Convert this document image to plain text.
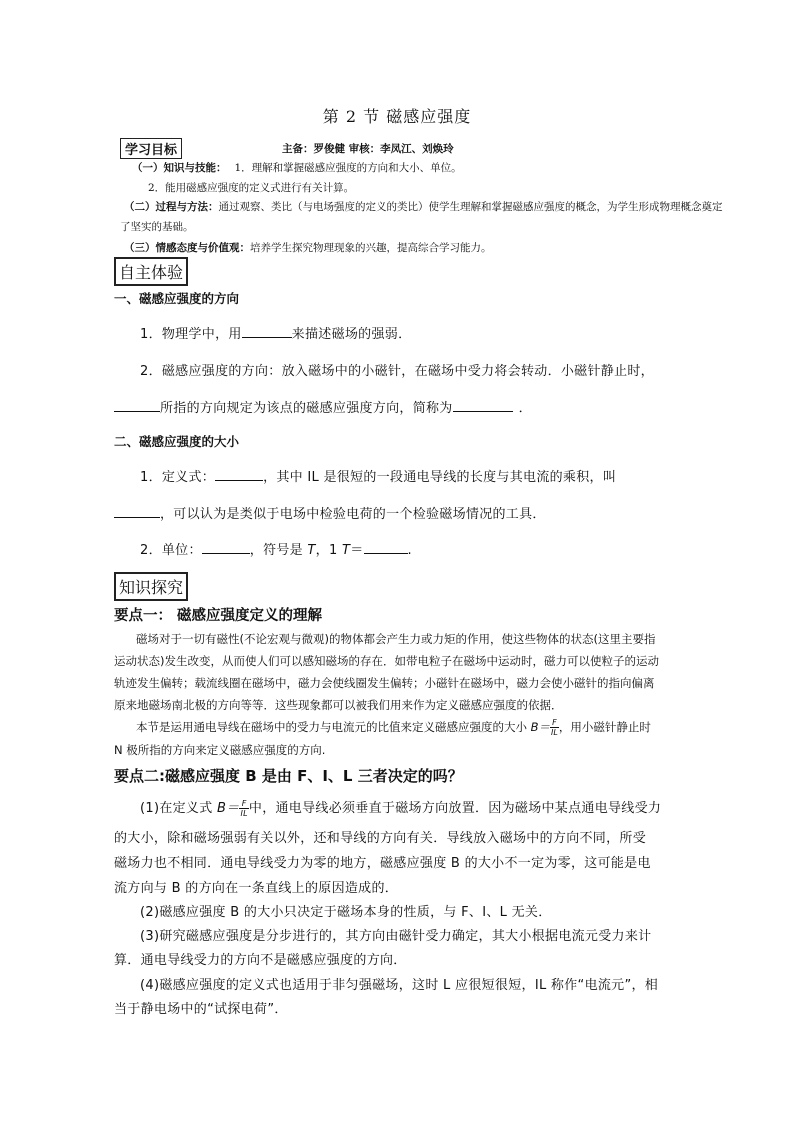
第 2 节 磁感应强度
学习目标	主备：罗俊健 审核：李凤江、刘焕玲
（一）知识与技能： 1．理解和掌握磁感应强度的方向和大小、单位。
2．能用磁感应强度的定义式进行有关计算。
（二）过程与方法：通过观察、类比（与电场强度的定义的类比）使学生理解和掌握磁感应强度的概念，为学生形成物理概念奠定
了坚实的基础。
（三）情感态度与价值观：培养学生探究物理现象的兴趣，提高综合学习能力。
自主体验
一、磁感应强度的方向
1．物理学中，用	来描述磁场的强弱．
2．磁感应强度的方向：放入磁场中的小磁针，在磁场中受力将会转动．小磁针静止时，
所指的方向规定为该点的磁感应强度方向，简称为	．
二、磁感应强度的大小
1．定义式：	，其中 IL 是很短的一段通电导线的长度与其电流的乘积，叫
，可以认为是类似于电场中检验电荷的一个检验磁场情况的工具．
2．单位：	，符号是 T，1 T＝	.
知识探究
要点一： 磁感应强度定义的理解
磁场对于一切有磁性(不论宏观与微观)的物体都会产生力或力矩的作用，使这些物体的状态(这里主要指
运动状态)发生改变，从而使人们可以感知磁场的存在．如带电粒子在磁场中运动时，磁力可以使粒子的运动
轨迹发生偏转；载流线圈在磁场中，磁力会使线圈发生偏转；小磁针在磁场中，磁力会使小磁针的指向偏离
原来地磁场南北极的方向等等．这些现象都可以被我们用来作为定义磁感应强度的依据．
本节是运用通电导线在磁场中的受力与电流元的比值来定义磁感应强度的大小 $B= \frac{F}{IL}$ ，用小磁针静止时
N 极所指的方向来定义磁感应强度的方向.
要点二:磁感应强度 B 是由 F、I、L 三者决定的吗？
(1)在定义式 $B= \frac{F}{IL}$ 中，通电导线必须垂直于磁场方向放置．因为磁场中某点通电导线受力
的大小，除和磁场强弱有关以外，还和导线的方向有关．导线放入磁场中的方向不同，所受
磁场力也不相同．通电导线受力为零的地方，磁感应强度 B 的大小不一定为零，这可能是电
流方向与 B 的方向在一条直线上的原因造成的．
(2)磁感应强度 B 的大小只决定于磁场本身的性质，与 F、I、L 无关．
(3)研究磁感应强度是分步进行的，其方向由磁针受力确定，其大小根据电流元受力来计
算．通电导线受力的方向不是磁感应强度的方向．
(4)磁感应强度的定义式也适用于非匀强磁场，这时 L 应很短很短，IL 称作“电流元”，相
当于静电场中的“试探电荷”．
